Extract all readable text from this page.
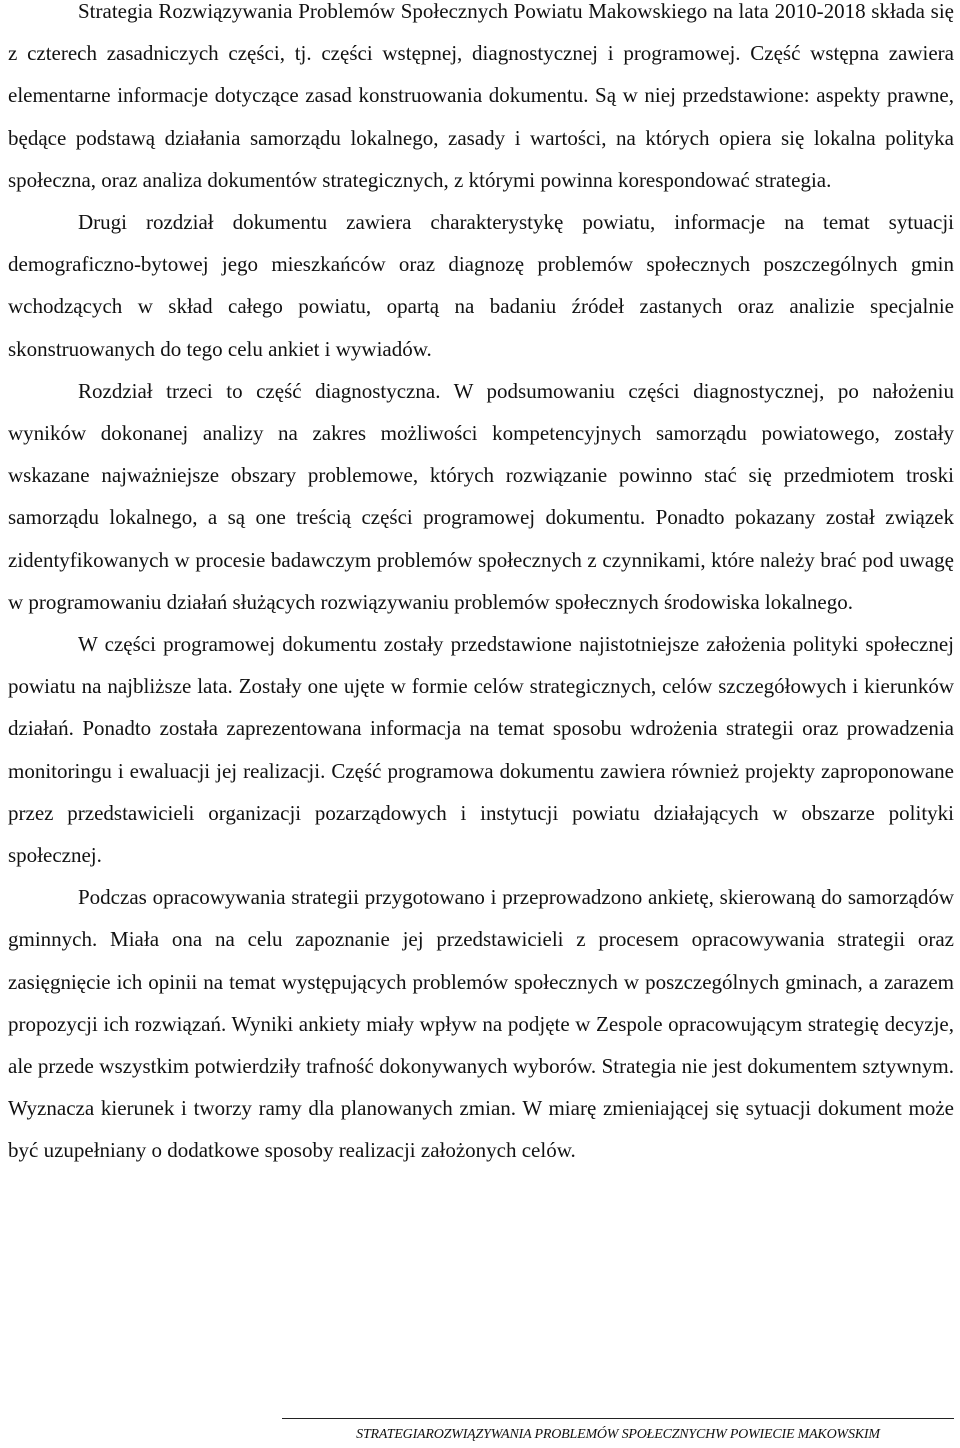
Strategia Rozwiązywania Problemów Społecznych Powiatu Makowskiego na lata 2010-2018 składa się z czterech zasadniczych części, tj. części wstępnej, diagnostycznej i programowej. Część wstępna zawiera elementarne informacje dotyczące zasad konstruowania dokumentu. Są w niej przedstawione: aspekty prawne, będące podstawą działania samorządu lokalnego, zasady i wartości, na których opiera się lokalna polityka społeczna, oraz analiza dokumentów strategicznych, z którymi powinna korespondować strategia.

Drugi rozdział dokumentu zawiera charakterystykę powiatu, informacje na temat sytuacji demograficzno-bytowej jego mieszkańców oraz diagnozę problemów społecznych poszczególnych gmin wchodzących w skład całego powiatu, opartą na badaniu źródeł zastanych oraz analizie specjalnie skonstruowanych do tego celu ankiet i wywiadów.

Rozdział trzeci to część diagnostyczna. W podsumowaniu części diagnostycznej, po nałożeniu wyników dokonanej analizy na zakres możliwości kompetencyjnych samorządu powiatowego, zostały wskazane najważniejsze obszary problemowe, których rozwiązanie powinno stać się przedmiotem troski samorządu lokalnego, a są one treścią części programowej dokumentu. Ponadto pokazany został związek zidentyfikowanych w procesie badawczym problemów społecznych z czynnikami, które należy brać pod uwagę w programowaniu działań służących rozwiązywaniu problemów społecznych środowiska lokalnego.

W części programowej dokumentu zostały przedstawione najistotniejsze założenia polityki społecznej powiatu na najbliższe lata. Zostały one ujęte w formie celów strategicznych, celów szczegółowych i kierunków działań. Ponadto została zaprezentowana informacja na temat sposobu wdrożenia strategii oraz prowadzenia monitoringu i ewaluacji jej realizacji. Część programowa dokumentu zawiera również projekty zaproponowane przez przedstawicieli organizacji pozarządowych i instytucji powiatu działających w obszarze polityki społecznej.

Podczas opracowywania strategii przygotowano i przeprowadzono ankietę, skierowaną do samorządów gminnych. Miała ona na celu zapoznanie jej przedstawicieli z procesem opracowywania strategii oraz zasięgnięcie ich opinii na temat występujących problemów społecznych w poszczególnych gminach, a zarazem propozycji ich rozwiązań. Wyniki ankiety miały wpływ na podjęte w Zespole opracowującym strategię decyzje, ale przede wszystkim potwierdziły trafność dokonywanych wyborów. Strategia nie jest dokumentem sztywnym. Wyznacza kierunek i tworzy ramy dla planowanych zmian. W miarę zmieniającej się sytuacji dokument może być uzupełniany o dodatkowe sposoby realizacji założonych celów.

STRATEGIAROZWIĄZYWANIA PROBLEMÓW SPOŁECZNYCHW POWIECIE MAKOWSKIM
